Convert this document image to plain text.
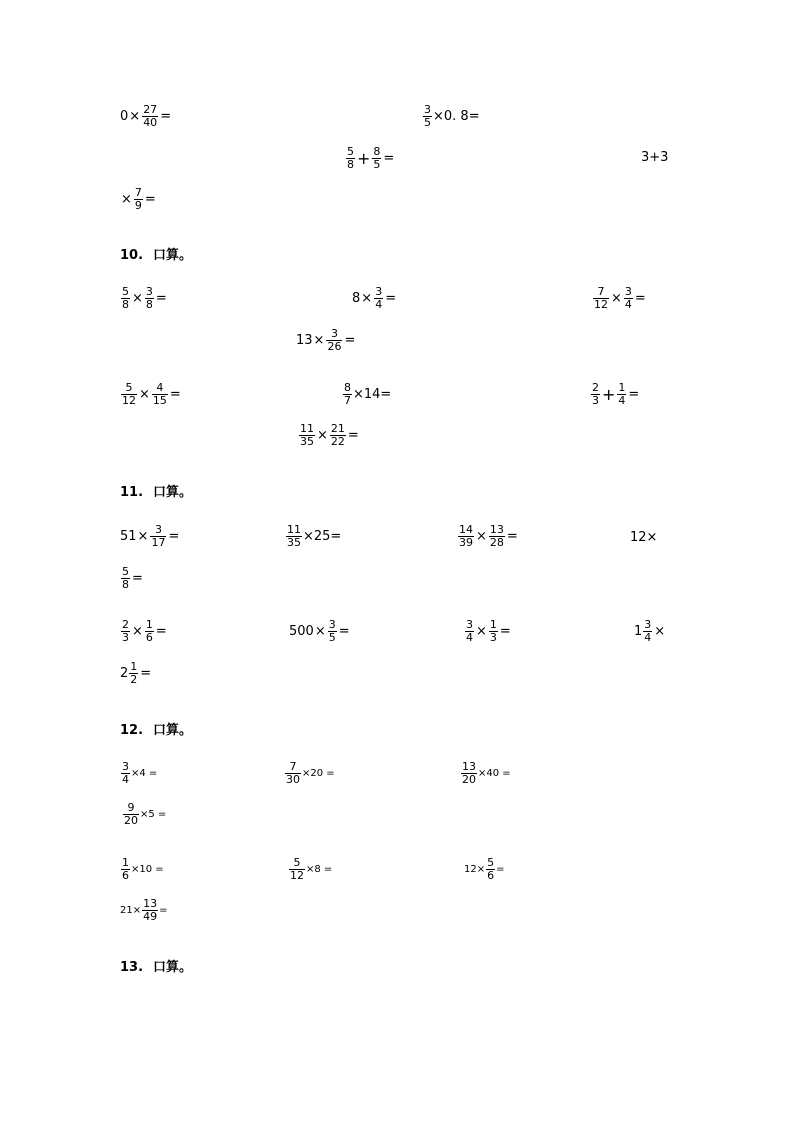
$0 \times \frac{27}{40}$ =	$\frac{3}{5} \times 0$. 8=
$\frac{5}{8} + \frac{8}{5}$ =	3+3
× $\frac{7}{9}$ =
10. 口算。
$\frac{5}{8} \times \frac{3}{8}$ =	$8 \times \frac{3}{4}$ =	$\frac{7}{12} \times \frac{3}{4}$ =
$13 \times \frac{3}{26}$ =
$\frac{5}{12} \times \frac{4}{15}$ =	$\frac{8}{7} \times 14=$	$\frac{2}{3} + \frac{1}{4}$ =
$\frac{11}{35} \times \frac{21}{22}$ =
11. 口算。
$51 \times \frac{3}{17}$ =	$\frac{11}{35} \times 25=$	$\frac{14}{39} \times \frac{13}{28}$ =	12×
$\frac{5}{8}$ =
$\frac{2}{3} \times \frac{1}{6}$ =	$500 \times \frac{3}{5}$ =	$\frac{3}{4} \times \frac{1}{3}$ =	$1 \frac{3}{4}$ ×
$2 \frac{1}{2}$ =
12. 口算。
$\frac{3}{4} \times 4$ =	$\frac{7}{30} \times 20$ =	$\frac{13}{20} \times 40$ =
$\frac{9}{20} \times 5$ =
$\frac{1}{6} \times 10$ =	$\frac{5}{12} \times 8$ =	$12\times \frac{5}{6}$ =
$21\times \frac{13}{49}$ =
13. 口算。
